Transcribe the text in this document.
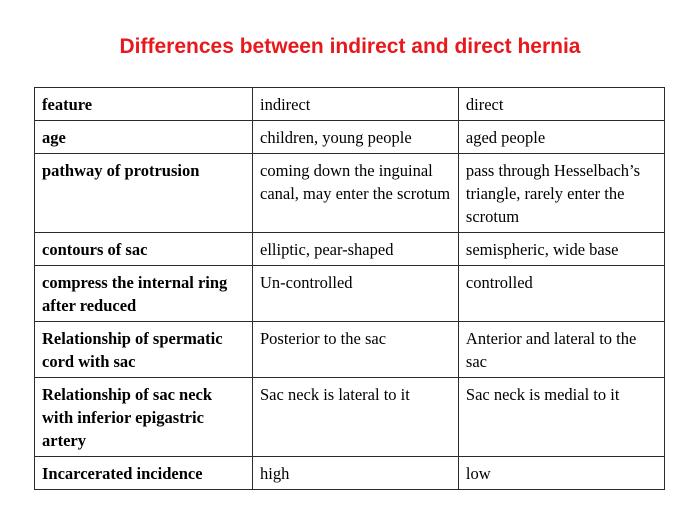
Differences between indirect and direct hernia
feature	indirect	direct
age	children, young people	aged people
pathway of protrusion	coming down the inguinal canal, may enter the scrotum	pass through Hesselbach’s triangle, rarely enter the scrotum
contours of sac	elliptic, pear-shaped	semispheric, wide base
compress the internal ring after reduced	Un-controlled	controlled
Relationship of spermatic cord with sac	Posterior to the sac	Anterior and lateral to the sac
Relationship of sac neck with inferior epigastric artery	Sac neck is lateral to it	Sac neck is medial to it
Incarcerated incidence	high	low
